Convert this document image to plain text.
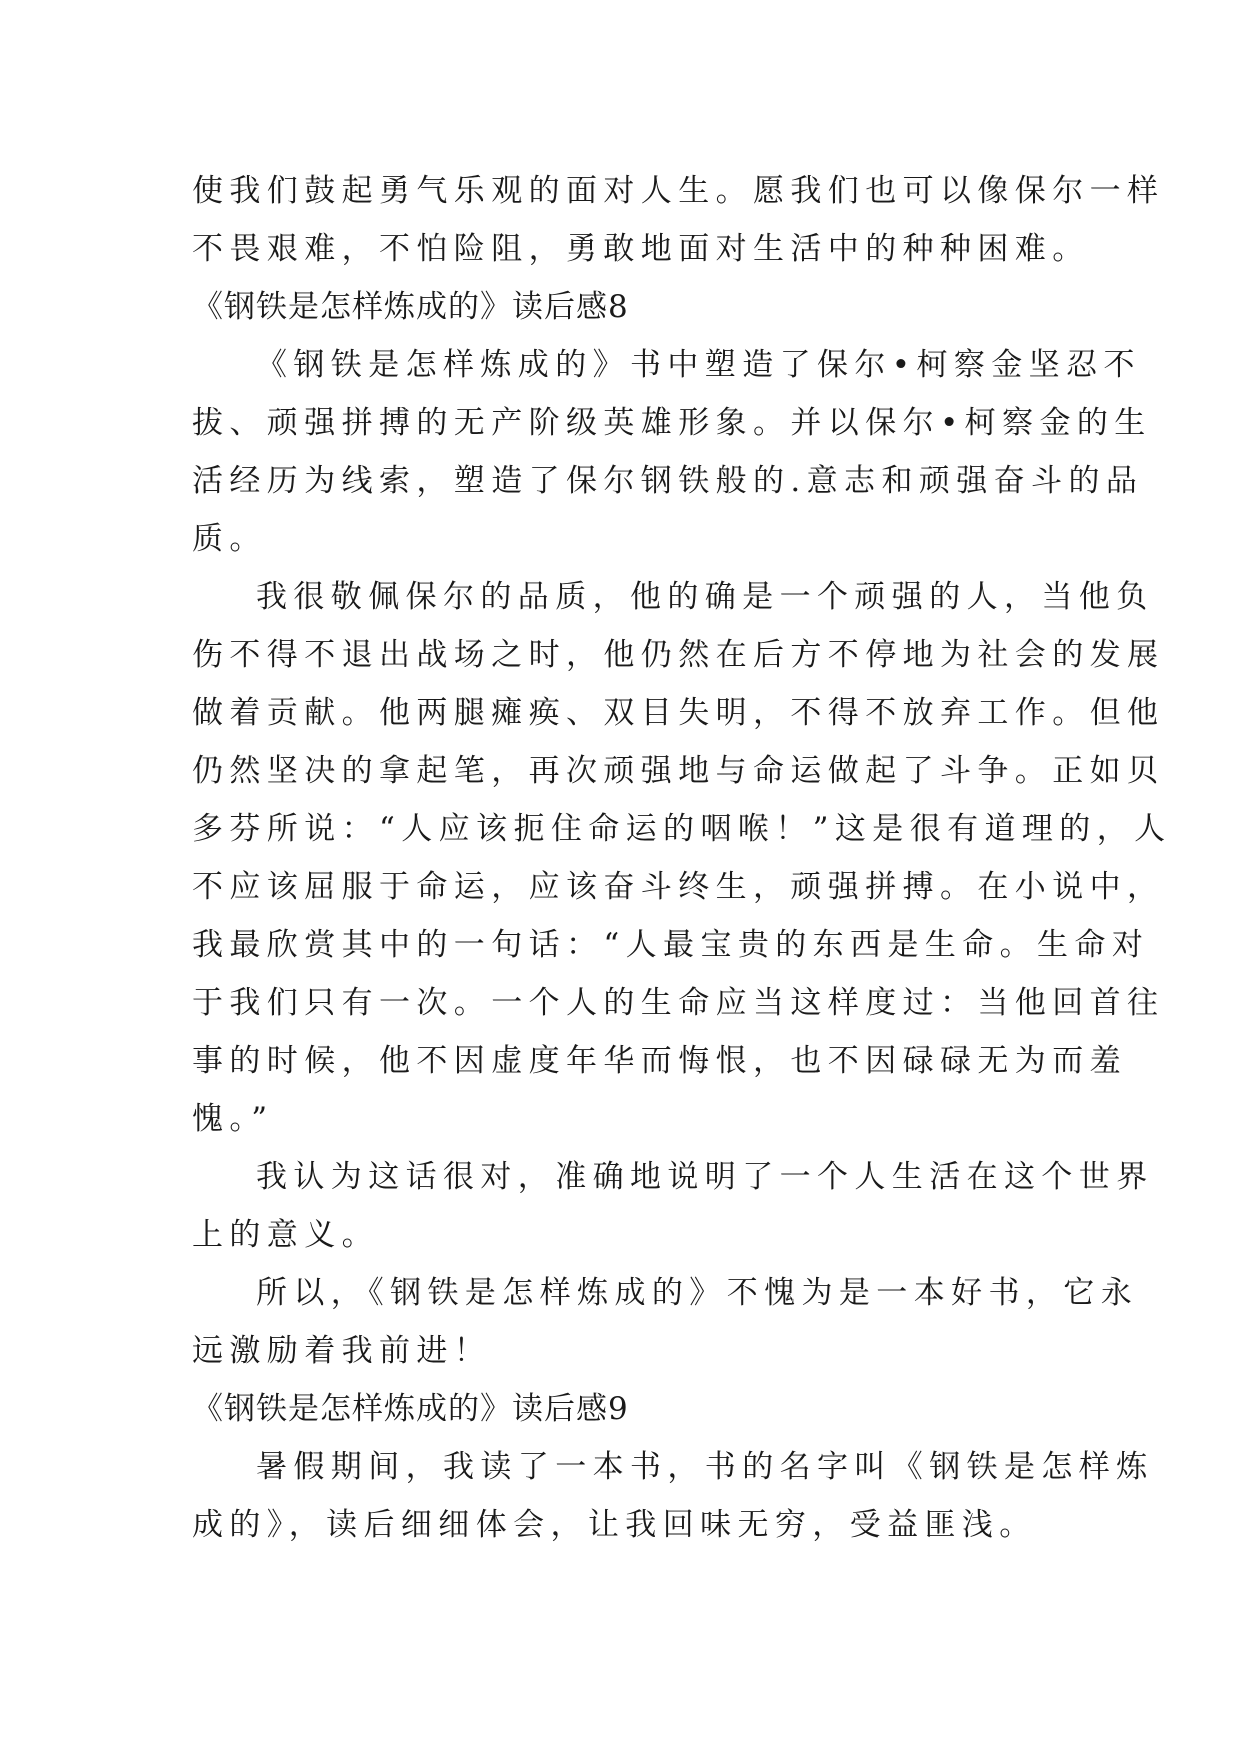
使我们鼓起勇气乐观的面对人生。愿我们也可以像保尔一样
不畏艰难，不怕险阻，勇敢地面对生活中的种种困难。
《钢铁是怎样炼成的》读后感8
《钢铁是怎样炼成的》书中塑造了保尔•柯察金坚忍不
拔、顽强拼搏的无产阶级英雄形象。并以保尔•柯察金的生
活经历为线索，塑造了保尔钢铁般的.意志和顽强奋斗的品
质。
我很敬佩保尔的品质，他的确是一个顽强的人，当他负
伤不得不退出战场之时，他仍然在后方不停地为社会的发展
做着贡献。他两腿瘫痪、双目失明，不得不放弃工作。但他
仍然坚决的拿起笔，再次顽强地与命运做起了斗争。正如贝
多芬所说：“人应该扼住命运的咽喉！”这是很有道理的，人
不应该屈服于命运，应该奋斗终生，顽强拼搏。在小说中，
我最欣赏其中的一句话：“人最宝贵的东西是生命。生命对
于我们只有一次。一个人的生命应当这样度过：当他回首往
事的时候，他不因虚度年华而悔恨，也不因碌碌无为而羞
愧。”
我认为这话很对，准确地说明了一个人生活在这个世界
上的意义。
所以，《钢铁是怎样炼成的》不愧为是一本好书，它永
远激励着我前进！
《钢铁是怎样炼成的》读后感9
暑假期间，我读了一本书，书的名字叫《钢铁是怎样炼
成的》，读后细细体会，让我回味无穷，受益匪浅。
